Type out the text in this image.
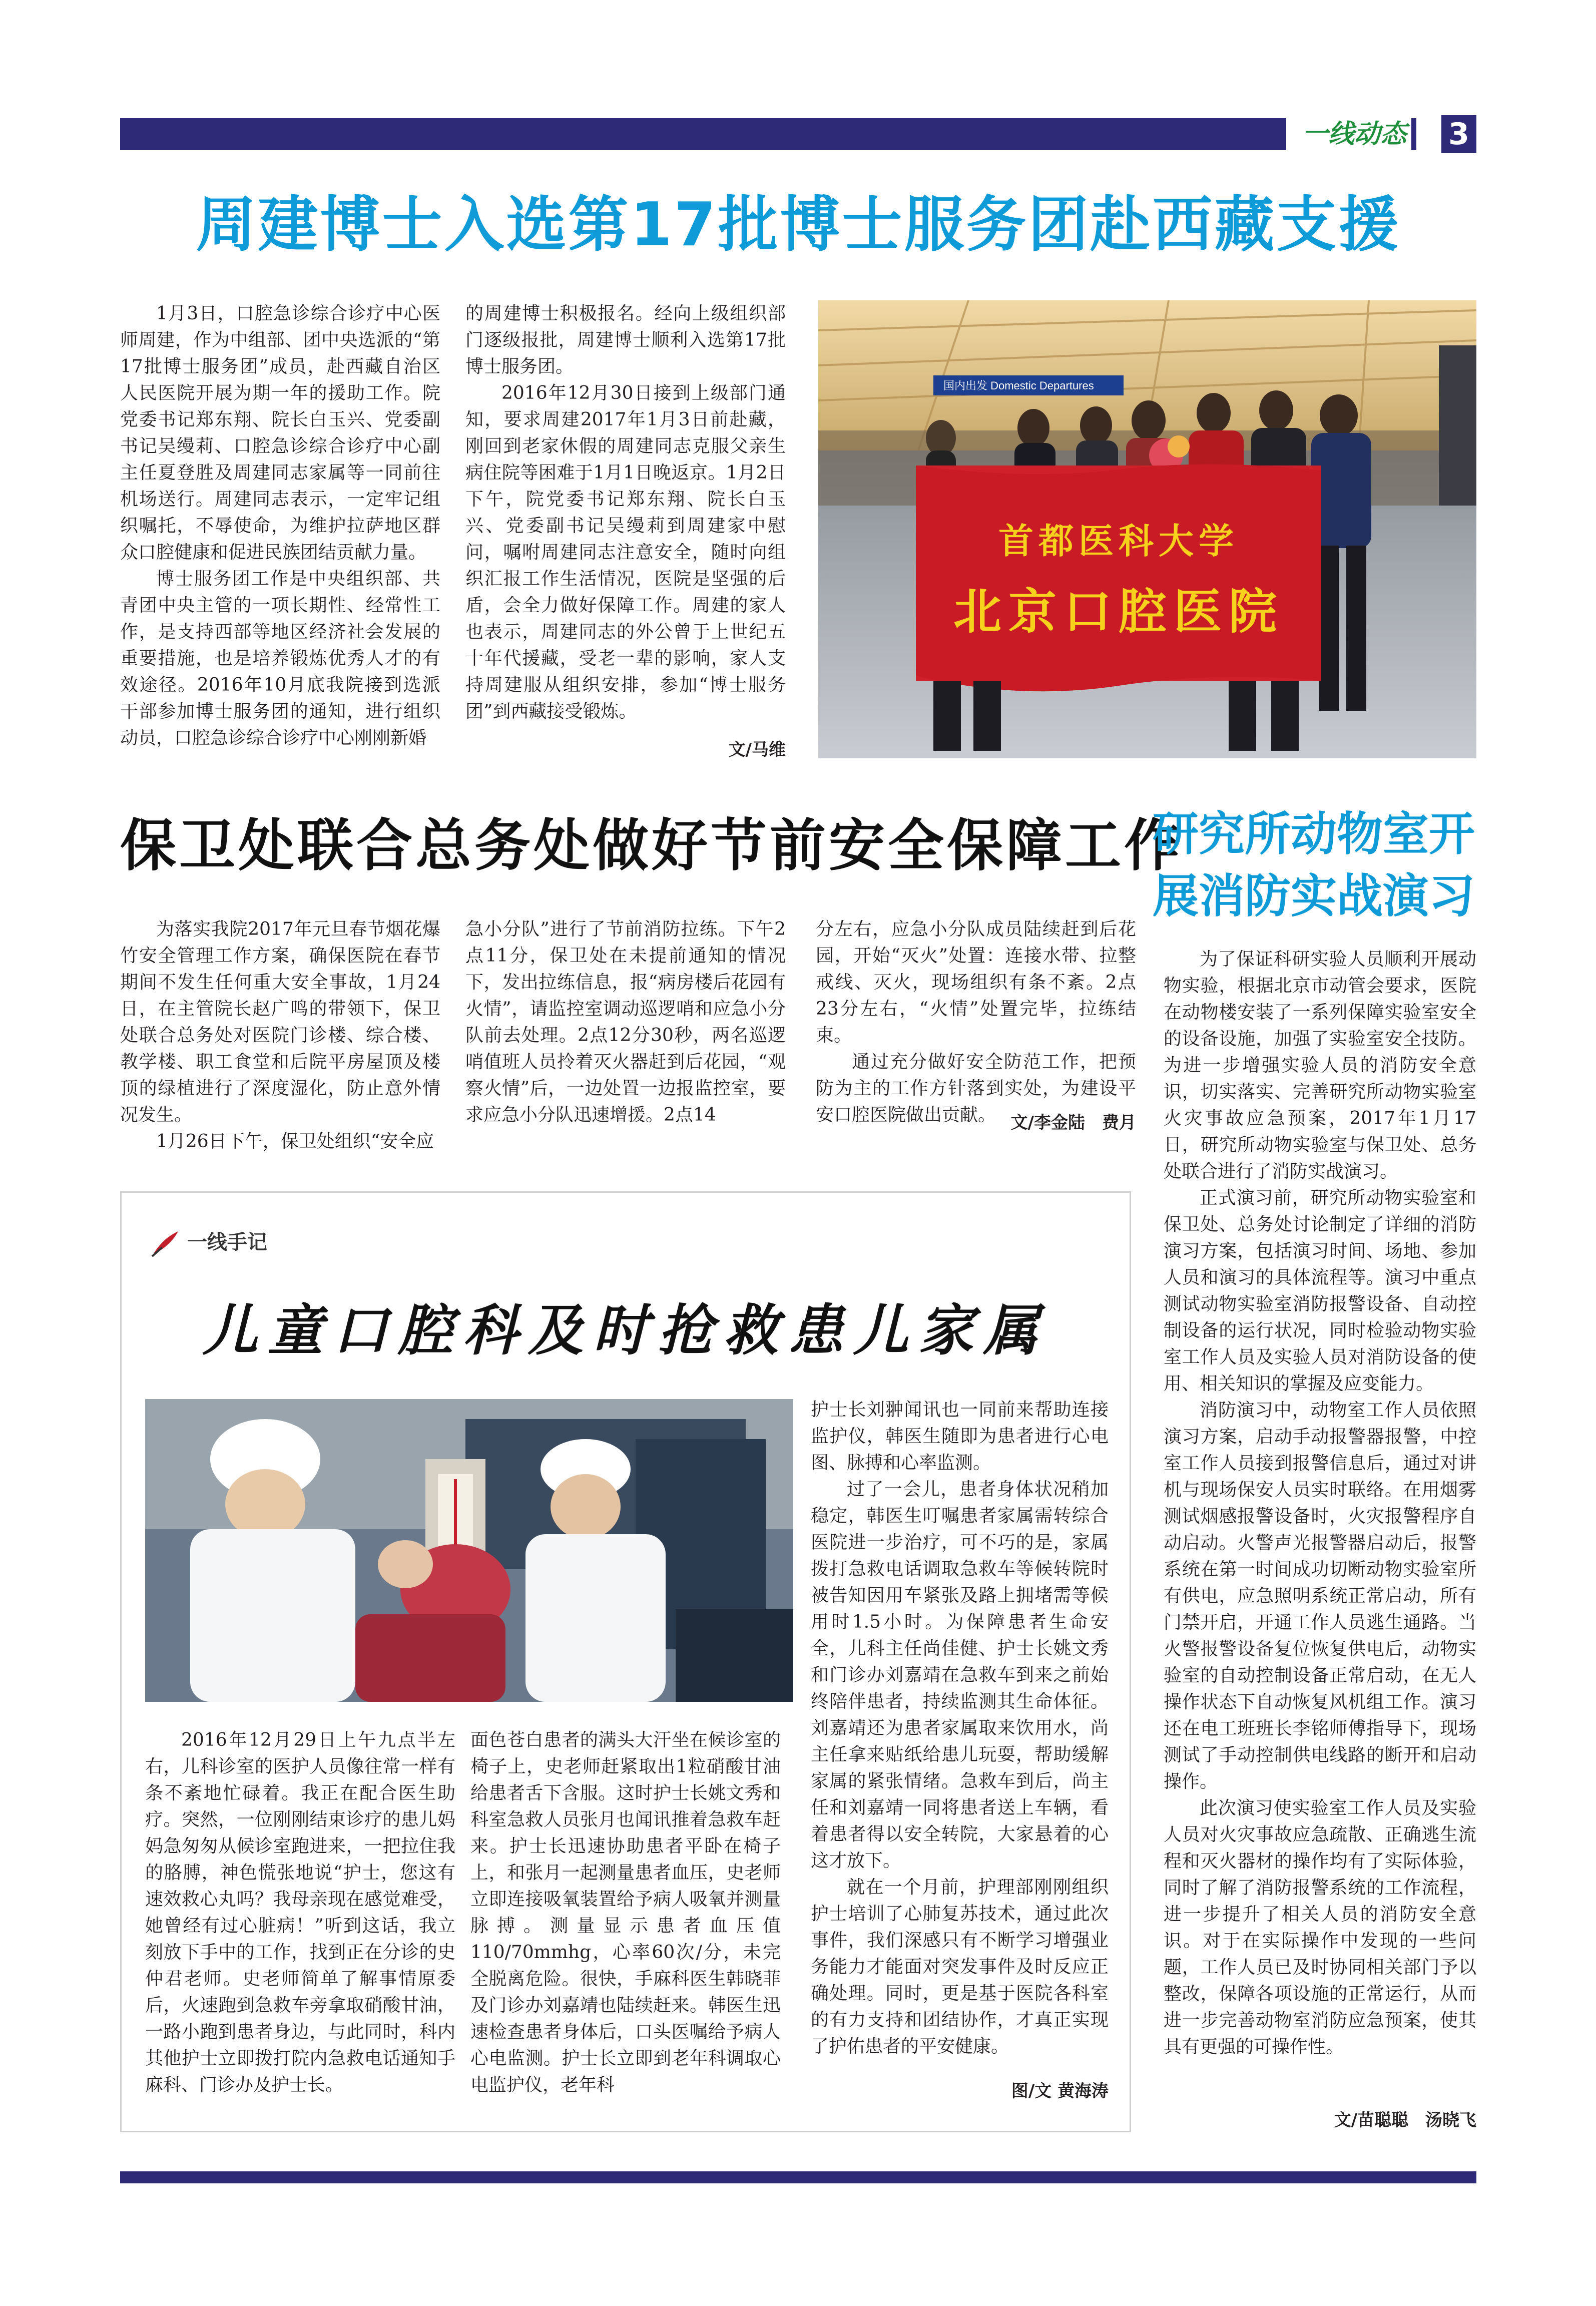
一线动态 3
周建博士入选第17批博士服务团赴西藏支援

1月3日，口腔急诊综合诊疗中心医师周建，作为中组部、团中央选派的“第17批博士服务团”成员，赴西藏自治区人民医院开展为期一年的援助工作。院党委书记郑东翔、院长白玉兴、党委副书记吴缦莉、口腔急诊综合诊疗中心副主任夏登胜及周建同志家属等一同前往机场送行。周建同志表示，一定牢记组织嘱托，不辱使命，为维护拉萨地区群众口腔健康和促进民族团结贡献力量。

博士服务团工作是中央组织部、共青团中央主管的一项长期性、经常性工作，是支持西部等地区经济社会发展的重要措施，也是培养锻炼优秀人才的有效途径。2016年10月底我院接到选派干部参加博士服务团的通知，进行组织动员，口腔急诊综合诊疗中心刚刚新婚

的周建博士积极报名。经向上级组织部门逐级报批，周建博士顺利入选第17批博士服务团。

2016年12月30日接到上级部门通知，要求周建2017年1月3日前赴藏，刚回到老家休假的周建同志克服父亲生病住院等困难于1月1日晚返京。1月2日下午，院党委书记郑东翔、院长白玉兴、党委副书记吴缦莉到周建家中慰问，嘱咐周建同志注意安全，随时向组织汇报工作生活情况，医院是坚强的后盾，会全力做好保障工作。周建的家人也表示，周建同志的外公曾于上世纪五十年代援藏，受老一辈的影响，家人支持周建服从组织安排，参加“博士服务团”到西藏接受锻炼。

文/马维
国内出发 Domestic Departures
首都医科大学
北京口腔医院
保卫处联合总务处做好节前安全保障工作

为落实我院2017年元旦春节烟花爆竹安全管理工作方案，确保医院在春节期间不发生任何重大安全事故，1月24日，在主管院长赵广鸣的带领下，保卫处联合总务处对医院门诊楼、综合楼、教学楼、职工食堂和后院平房屋顶及楼顶的绿植进行了深度湿化，防止意外情况发生。

1月26日下午，保卫处组织“安全应

急小分队”进行了节前消防拉练。下午2点11分，保卫处在未提前通知的情况下，发出拉练信息，报“病房楼后花园有火情”，请监控室调动巡逻哨和应急小分队前去处理。2点12分30秒，两名巡逻哨值班人员拎着灭火器赶到后花园，“观察火情”后，一边处置一边报监控室，要求应急小分队迅速增援。2点14

分左右，应急小分队成员陆续赶到后花园，开始“灭火”处置：连接水带、拉整戒线、灭火，现场组织有条不紊。2点23分左右，“火情”处置完毕，拉练结束。

通过充分做好安全防范工作，把预防为主的工作方针落到实处，为建设平安口腔医院做出贡献。 文/李金陆　费月
研究所动物室开展消防实战演习

为了保证科研实验人员顺利开展动物实验，根据北京市动管会要求，医院在动物楼安装了一系列保障实验室安全的设备设施，加强了实验室安全技防。为进一步增强实验人员的消防安全意识，切实落实、完善研究所动物实验室火灾事故应急预案，2017年1月17日，研究所动物实验室与保卫处、总务处联合进行了消防实战演习。

正式演习前，研究所动物实验室和保卫处、总务处讨论制定了详细的消防演习方案，包括演习时间、场地、参加人员和演习的具体流程等。演习中重点测试动物实验室消防报警设备、自动控制设备的运行状况，同时检验动物实验室工作人员及实验人员对消防设备的使用、相关知识的掌握及应变能力。

消防演习中，动物室工作人员依照演习方案，启动手动报警器报警，中控室工作人员接到报警信息后，通过对讲机与现场保安人员实时联络。在用烟雾测试烟感报警设备时，火灾报警程序自动启动。火警声光报警器启动后，报警系统在第一时间成功切断动物实验室所有供电，应急照明系统正常启动，所有门禁开启，开通工作人员逃生通路。当火警报警设备复位恢复供电后，动物实验室的自动控制设备正常启动，在无人操作状态下自动恢复风机组工作。演习还在电工班班长李铭师傅指导下，现场测试了手动控制供电线路的断开和启动操作。

此次演习使实验室工作人员及实验人员对火灾事故应急疏散、正确逃生流程和灭火器材的操作均有了实际体验，同时了解了消防报警系统的工作流程，进一步提升了相关人员的消防安全意识。对于在实际操作中发现的一些问题，工作人员已及时协同相关部门予以整改，保障各项设施的正常运行，从而进一步完善动物室消防应急预案，使其具有更强的可操作性。

文/苗聪聪　汤晓飞
一线手记
儿童口腔科及时抢救患儿家属

2016年12月29日上午九点半左右，儿科诊室的医护人员像往常一样有条不紊地忙碌着。我正在配合医生助疗。突然，一位刚刚结束诊疗的患儿妈妈急匆匆从候诊室跑进来，一把拉住我的胳膊，神色慌张地说“护士，您这有速效救心丸吗？我母亲现在感觉难受，她曾经有过心脏病！”听到这话，我立刻放下手中的工作，找到正在分诊的史仲君老师。史老师简单了解事情原委后，火速跑到急救车旁拿取硝酸甘油，一路小跑到患者身边，与此同时，科内其他护士立即拨打院内急救电话通知手麻科、门诊办及护士长。

面色苍白患者的满头大汗坐在候诊室的椅子上，史老师赶紧取出1粒硝酸甘油给患者舌下含服。这时护士长姚文秀和科室急救人员张月也闻讯推着急救车赶来。护士长迅速协助患者平卧在椅子上，和张月一起测量患者血压，史老师立即连接吸氧装置给予病人吸氧并测量脉搏。测量显示患者血压值110/70mmhg，心率60次/分，未完全脱离危险。很快，手麻科医生韩晓菲及门诊办刘嘉靖也陆续赶来。韩医生迅速检查患者身体后，口头医嘱给予病人心电监测。护士长立即到老年科调取心电监护仪，老年科

护士长刘翀闻讯也一同前来帮助连接监护仪，韩医生随即为患者进行心电图、脉搏和心率监测。

过了一会儿，患者身体状况稍加稳定，韩医生叮嘱患者家属需转综合医院进一步治疗，可不巧的是，家属拨打急救电话调取急救车等候转院时被告知因用车紧张及路上拥堵需等候用时1.5小时。为保障患者生命安全，儿科主任尚佳健、护士长姚文秀和门诊办刘嘉靖在急救车到来之前始终陪伴患者，持续监测其生命体征。刘嘉靖还为患者家属取来饮用水，尚主任拿来贴纸给患儿玩耍，帮助缓解家属的紧张情绪。急救车到后，尚主任和刘嘉靖一同将患者送上车辆，看着患者得以安全转院，大家悬着的心这才放下。

就在一个月前，护理部刚刚组织护士培训了心肺复苏技术，通过此次事件，我们深感只有不断学习增强业务能力才能面对突发事件及时反应正确处理。同时，更是基于医院各科室的有力支持和团结协作，才真正实现了护佑患者的平安健康。

图/文 黄海涛
